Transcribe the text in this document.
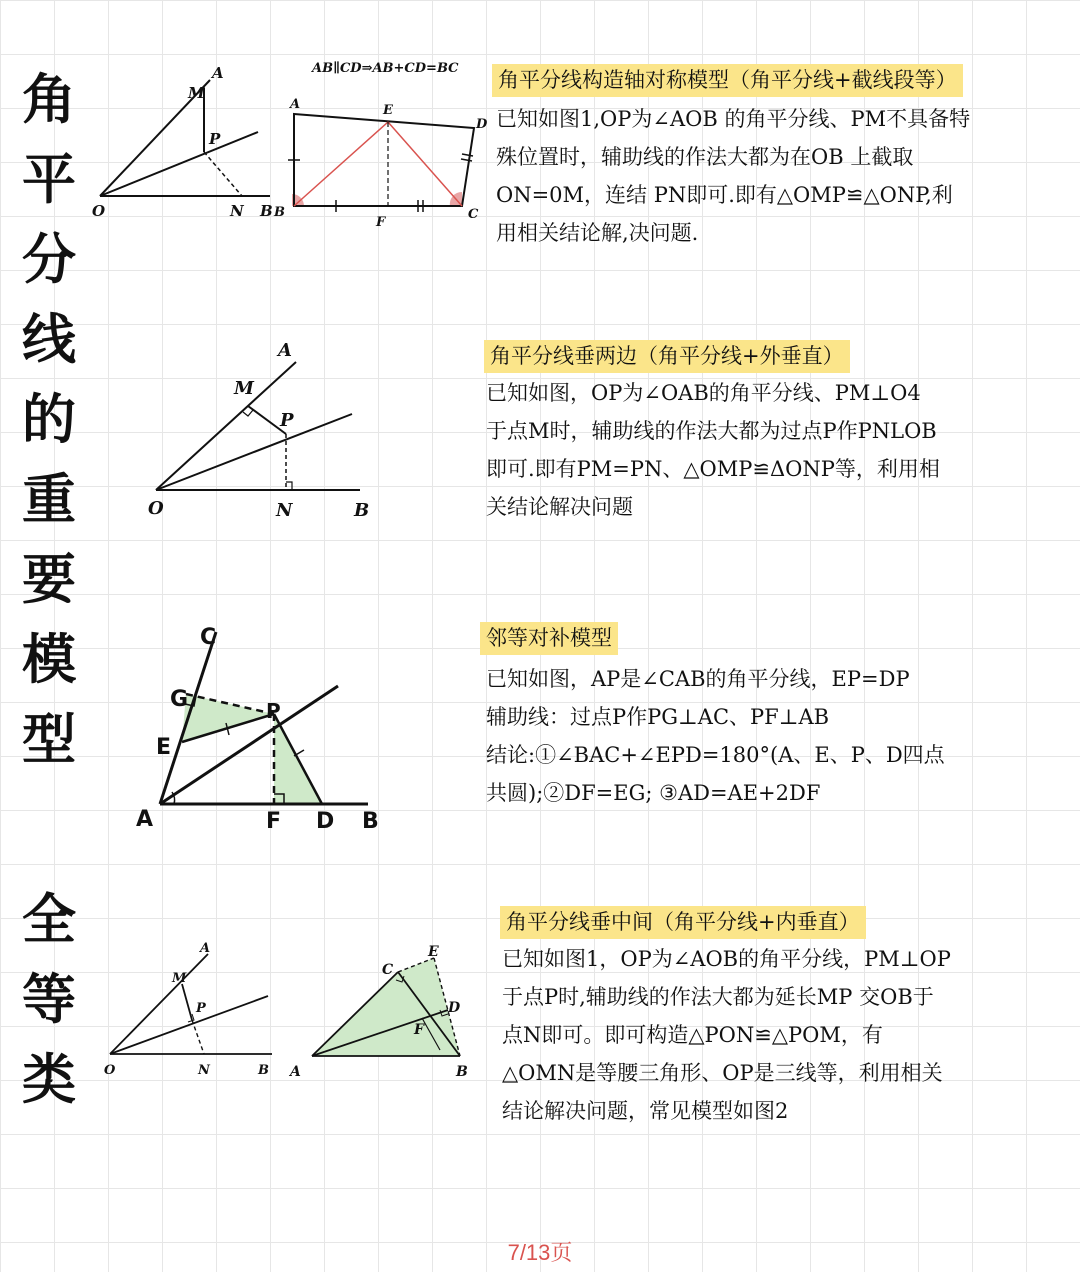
角
平
分
线
的
重
要
模
型
全
等
类
O
A
M
P
N B
AB∥CD⇒AB+CD=BC
A	E
D
B
F
C
角平分线构造轴对称模型（角平分线+截线段等）
已知如图1,OP为∠AOB 的角平分线、PM不具备特
殊位置时，辅助线的作法大都为在OB 上截取
ON=0M，连结 PN即可.即有△OMP≌△ONP,利
用相关结论解,决问题.
O
A
M
P
N	B
角平分线垂两边（角平分线+外垂直）
已知如图，OP为∠OAB的角平分线、PM⊥O4
于点M时，辅助线的作法大都为过点P作PNLOB
即可.即有PM=PN、△OMP≌ΔONP等，利用相
关结论解决问题
C
G	P
E
A	F D B
邻等对补模型
已知如图，AP是∠CAB的角平分线，EP=DP
辅助线：过点P作PG⊥AC、PF⊥AB
结论:①∠BAC+∠EPD=180°(A、E、P、D四点
共圆);②DF=EG; ③AD=AE+2DF
O
A
M
P
N	B
E
C
D
F
A	B
角平分线垂中间（角平分线+内垂直）
已知如图1，OP为∠AOB的角平分线，PM⊥OP
于点P时,辅助线的作法大都为延长MP 交OB于
点N即可。即可构造△PON≌△POM，有
△OMN是等腰三角形、OP是三线等，利用相关
结论解决问题，常见模型如图2
7/13页
